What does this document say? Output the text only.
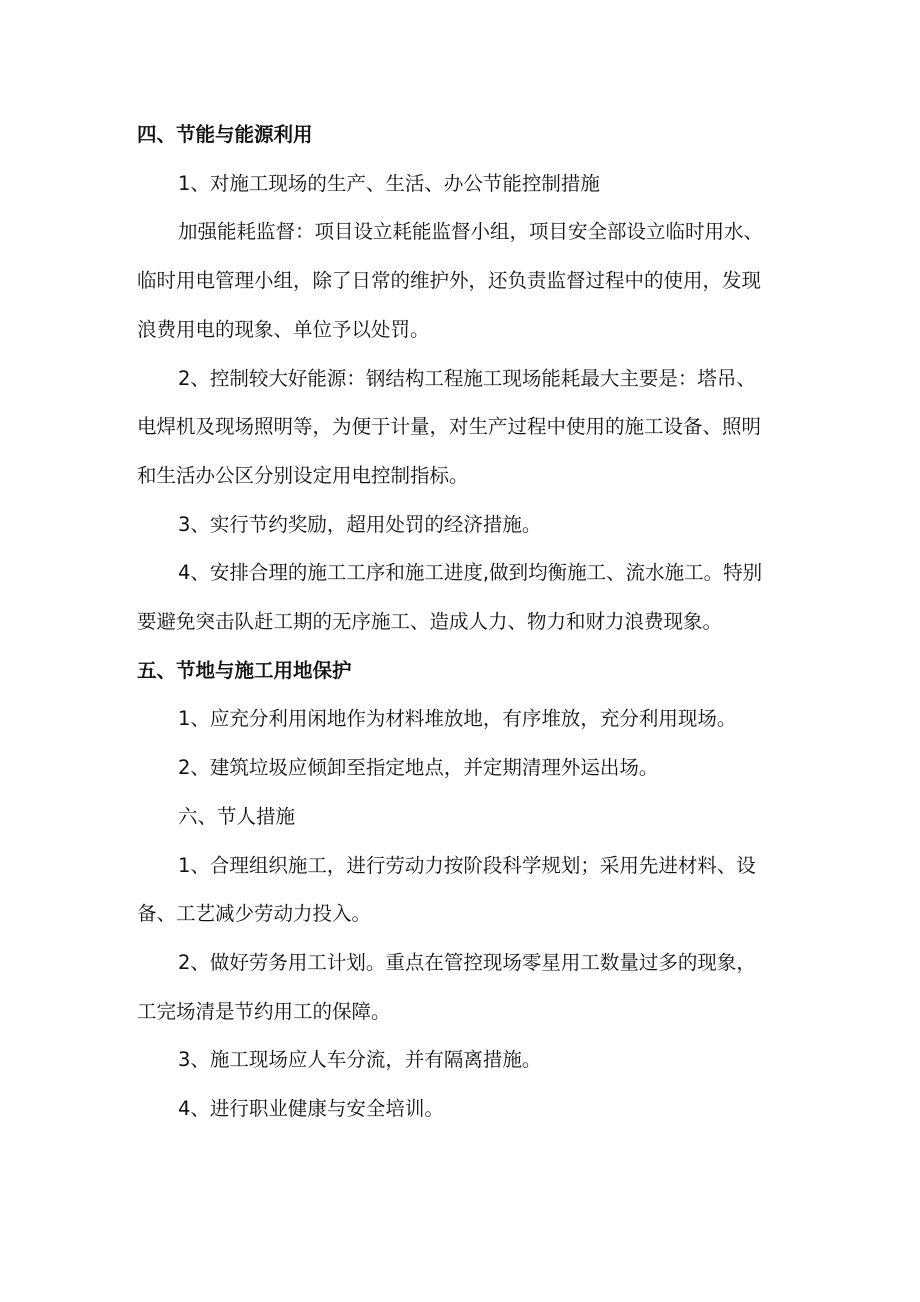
四、节能与能源利用
1、对施工现场的生产、生活、办公节能控制措施
加强能耗监督：项目设立耗能监督小组，项目安全部设立临时用水、
临时用电管理小组，除了日常的维护外，还负责监督过程中的使用，发现
浪费用电的现象、单位予以处罚。
2、控制较大好能源：钢结构工程施工现场能耗最大主要是：塔吊、
电焊机及现场照明等，为便于计量，对生产过程中使用的施工设备、照明
和生活办公区分别设定用电控制指标。
3、实行节约奖励，超用处罚的经济措施。
4、安排合理的施工工序和施工进度,做到均衡施工、流水施工。特别
要避免突击队赶工期的无序施工、造成人力、物力和财力浪费现象。
五、节地与施工用地保护
1、应充分利用闲地作为材料堆放地，有序堆放，充分利用现场。
2、建筑垃圾应倾卸至指定地点，并定期清理外运出场。
六、节人措施
1、合理组织施工，进行劳动力按阶段科学规划；采用先进材料、设
备、工艺减少劳动力投入。
2、做好劳务用工计划。重点在管控现场零星用工数量过多的现象，
工完场清是节约用工的保障。
3、施工现场应人车分流，并有隔离措施。
4、进行职业健康与安全培训。
